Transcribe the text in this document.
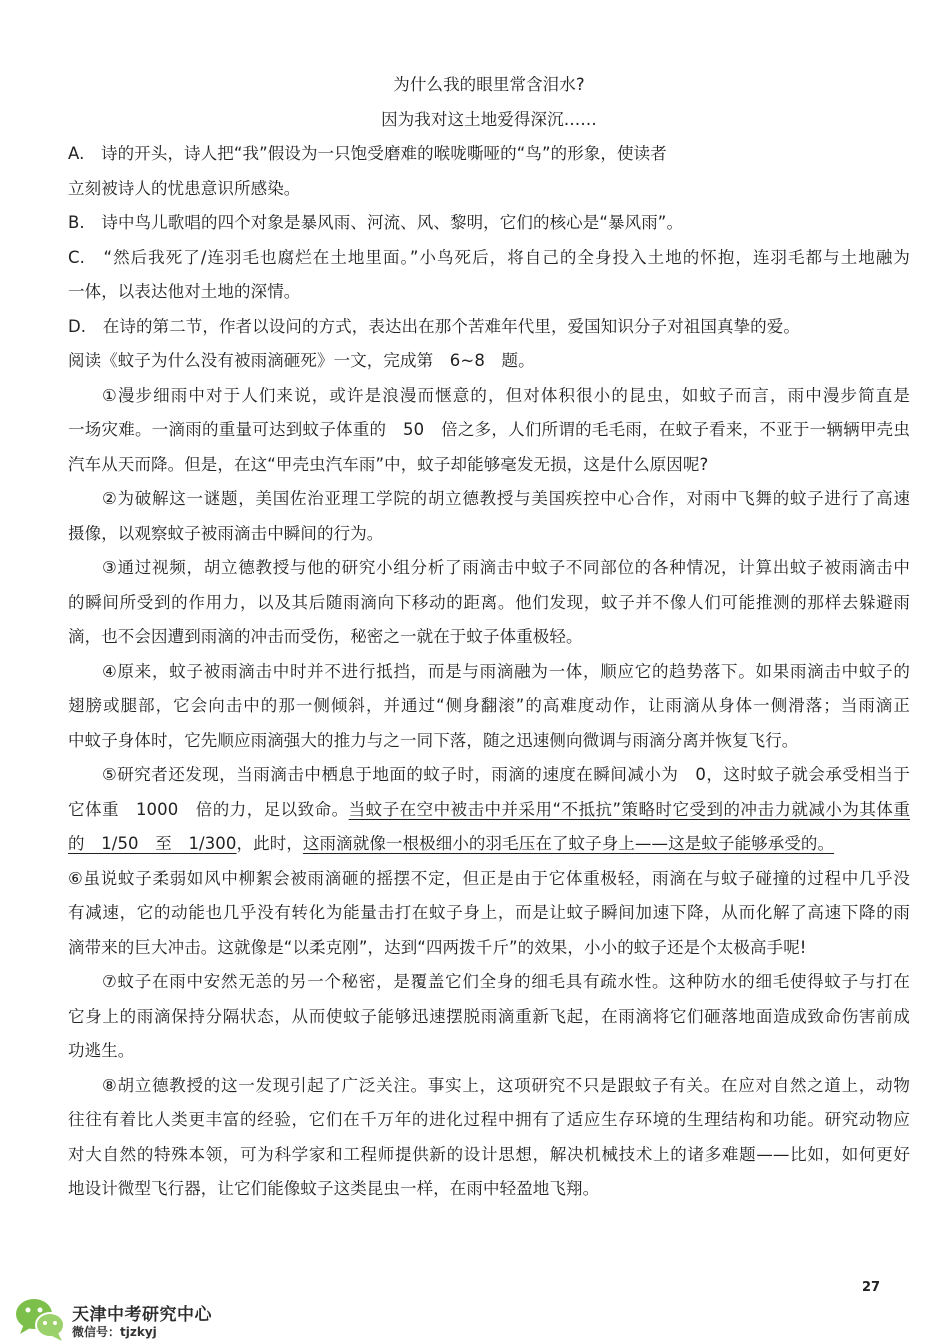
为什么我的眼里常含泪水?
因为我对这土地爱得深沉……
A.　诗的开头，诗人把“我”假设为一只饱受磨难的喉咙嘶哑的“鸟”的形象，使读者
立刻被诗人的忧患意识所感染。
B.　诗中鸟儿歌唱的四个对象是暴风雨、河流、风、黎明，它们的核心是“暴风雨”。
C.　“然后我死了/连羽毛也腐烂在土地里面。”小鸟死后，将自己的全身投入土地的怀抱，连羽毛都与土地融为
一体，以表达他对土地的深情。
D.　在诗的第二节，作者以设问的方式，表达出在那个苦难年代里，爱国知识分子对祖国真挚的爱。
阅读《蚊子为什么没有被雨滴砸死》一文，完成第　6~8　题。
①漫步细雨中对于人们来说，或许是浪漫而惬意的，但对体积很小的昆虫，如蚊子而言，雨中漫步简直是
一场灾难。一滴雨的重量可达到蚊子体重的　50　倍之多，人们所谓的毛毛雨，在蚊子看来，不亚于一辆辆甲壳虫
汽车从天而降。但是，在这“甲壳虫汽车雨”中，蚊子却能够毫发无损，这是什么原因呢?
②为破解这一谜题，美国佐治亚理工学院的胡立德教授与美国疾控中心合作，对雨中飞舞的蚊子进行了高速
摄像，以观察蚊子被雨滴击中瞬间的行为。
③通过视频，胡立德教授与他的研究小组分析了雨滴击中蚊子不同部位的各种情况，计算出蚊子被雨滴击中
的瞬间所受到的作用力，以及其后随雨滴向下移动的距离。他们发现，蚊子并不像人们可能推测的那样去躲避雨
滴，也不会因遭到雨滴的冲击而受伤，秘密之一就在于蚊子体重极轻。
④原来，蚊子被雨滴击中时并不进行抵挡，而是与雨滴融为一体，顺应它的趋势落下。如果雨滴击中蚊子的
翅膀或腿部，它会向击中的那一侧倾斜，并通过“侧身翻滚”的高难度动作，让雨滴从身体一侧滑落；当雨滴正
中蚊子身体时，它先顺应雨滴强大的推力与之一同下落，随之迅速侧向微调与雨滴分离并恢复飞行。
⑤研究者还发现，当雨滴击中栖息于地面的蚊子时，雨滴的速度在瞬间减小为　0，这时蚊子就会承受相当于
它体重　1000　倍的力，足以致命。当蚊子在空中被击中并采用“不抵抗”策略时它受到的冲击力就减小为其体重
的　1/50　至　1/300，此时，这雨滴就像一根极细小的羽毛压在了蚊子身上——这是蚊子能够承受的。
⑥虽说蚊子柔弱如风中柳絮会被雨滴砸的摇摆不定，但正是由于它体重极轻，雨滴在与蚊子碰撞的过程中几乎没
有减速，它的动能也几乎没有转化为能量击打在蚊子身上，而是让蚊子瞬间加速下降，从而化解了高速下降的雨
滴带来的巨大冲击。这就像是“以柔克刚”，达到“四两拨千斤”的效果，小小的蚊子还是个太极高手呢!
⑦蚊子在雨中安然无恙的另一个秘密，是覆盖它们全身的细毛具有疏水性。这种防水的细毛使得蚊子与打在
它身上的雨滴保持分隔状态，从而使蚊子能够迅速摆脱雨滴重新飞起，在雨滴将它们砸落地面造成致命伤害前成
功逃生。
⑧胡立德教授的这一发现引起了广泛关注。事实上，这项研究不只是跟蚊子有关。在应对自然之道上，动物
往往有着比人类更丰富的经验，它们在千万年的进化过程中拥有了适应生存环境的生理结构和功能。研究动物应
对大自然的特殊本领，可为科学家和工程师提供新的设计思想，解决机械技术上的诸多难题——比如，如何更好
地设计微型飞行器，让它们能像蚊子这类昆虫一样，在雨中轻盈地飞翔。
27
天津中考研究中心
微信号：tjzkyj
